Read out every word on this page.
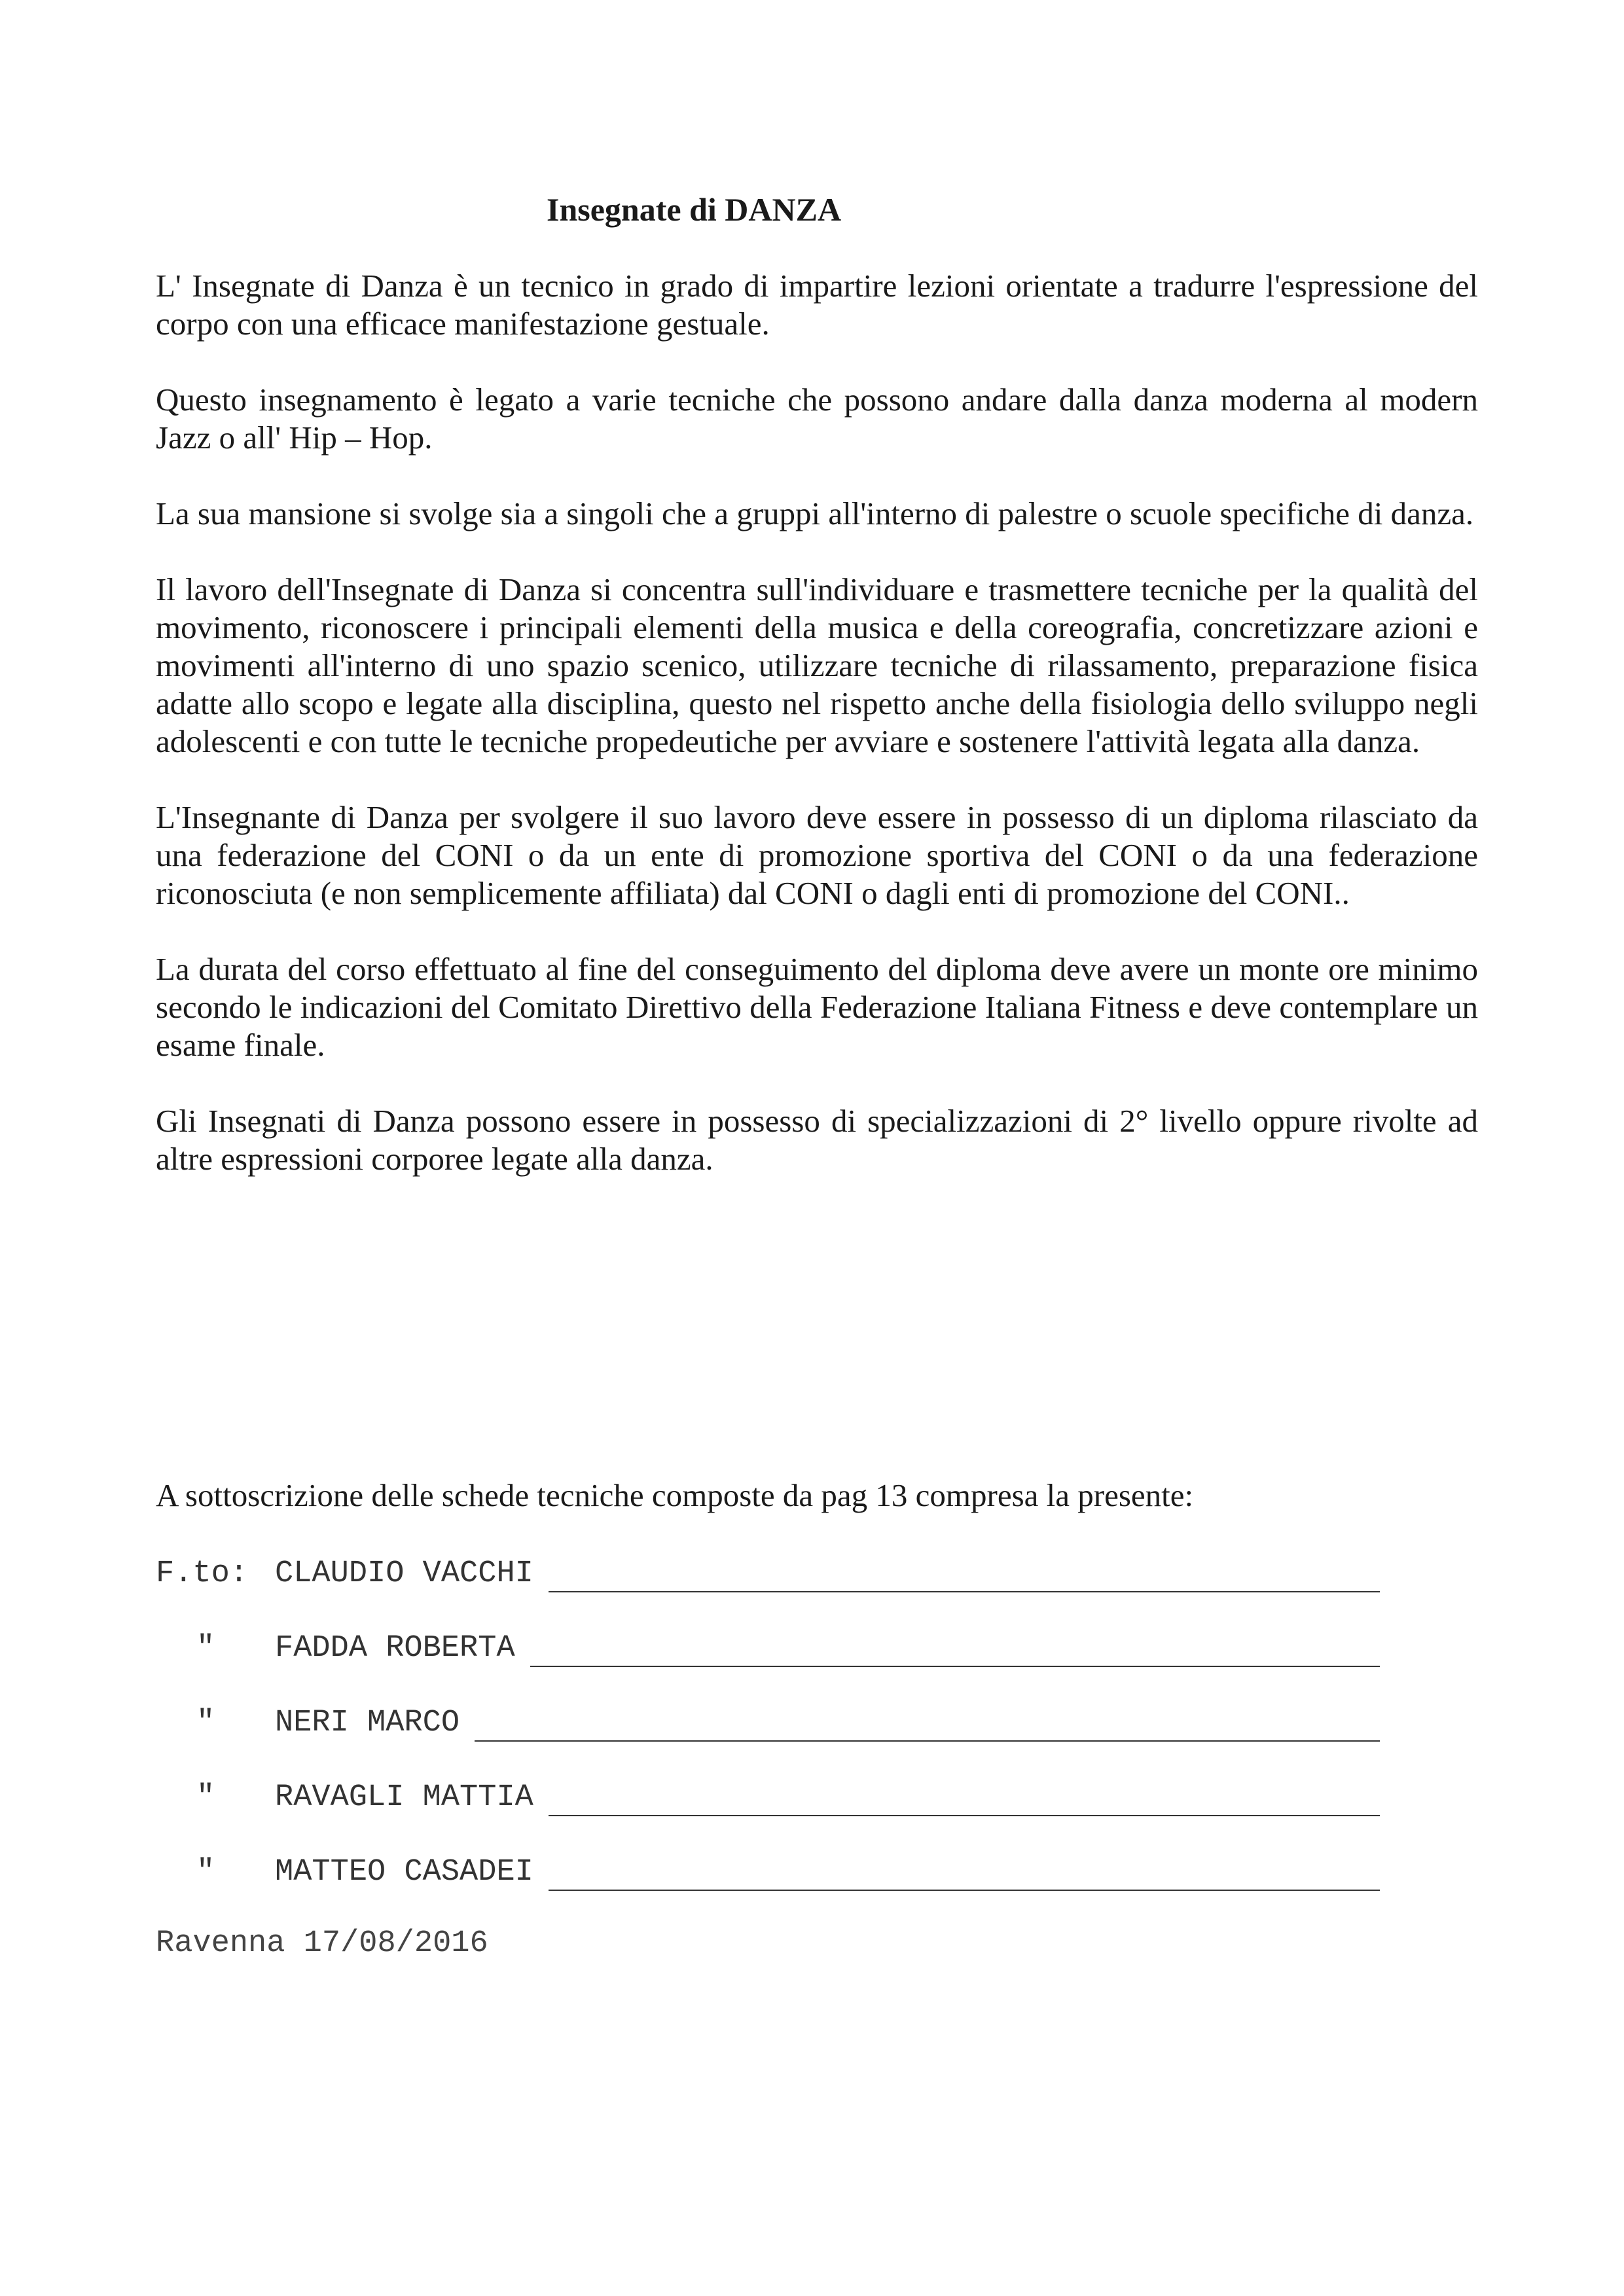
Insegnate di DANZA

L' Insegnate di Danza è un tecnico in grado di impartire lezioni orientate a tradurre l'espressione del corpo con una efficace manifestazione gestuale.

Questo insegnamento è legato a varie tecniche che possono andare dalla danza moderna al modern Jazz o all' Hip – Hop.

La sua mansione si svolge sia a singoli che a gruppi all'interno di palestre o scuole specifiche di danza.

Il lavoro dell'Insegnate di Danza si concentra sull'individuare e trasmettere tecniche per la qualità del movimento, riconoscere i principali elementi della musica e della coreografia, concretizzare azioni e movimenti all'interno di uno spazio scenico, utilizzare tecniche di rilassamento, preparazione fisica adatte allo scopo e legate alla disciplina, questo nel rispetto anche della fisiologia dello sviluppo negli adolescenti e con tutte le tecniche propedeutiche per avviare e sostenere l'attività legata alla danza.

L'Insegnante di Danza per svolgere il suo lavoro deve essere in possesso di un diploma rilasciato da una federazione del CONI o da un ente di promozione sportiva del CONI o da una federazione riconosciuta (e non semplicemente affiliata) dal CONI o dagli enti di promozione del CONI..

La durata del corso effettuato al fine del conseguimento del diploma deve avere un monte ore minimo secondo le indicazioni del Comitato Direttivo della Federazione Italiana Fitness e deve contemplare un esame finale.

Gli Insegnati di Danza possono essere in possesso di specializzazioni di 2° livello oppure rivolte ad altre espressioni corporee legate alla danza.

A sottoscrizione delle schede tecniche composte da pag 13 compresa la presente:

F.to: CLAUDIO VACCHI
" FADDA ROBERTA
" NERI MARCO
" RAVAGLI MATTIA
" MATTEO CASADEI

Ravenna 17/08/2016
